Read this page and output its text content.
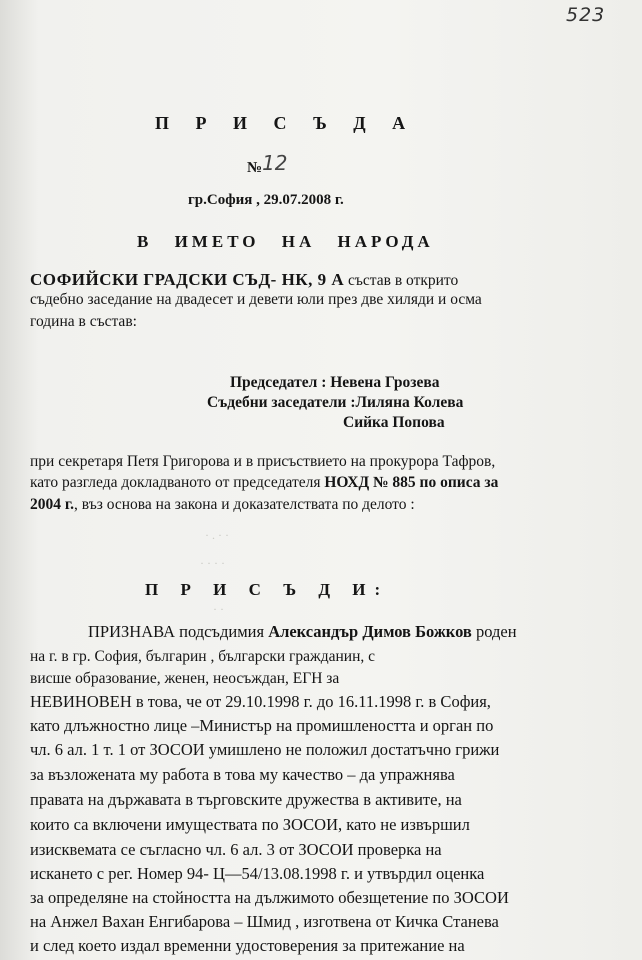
523
П Р И С Ъ Д А
№12
гр.София , 29.07.2008 г.
В ИМЕТО НА НАРОДА
СОФИЙСКИ ГРАДСКИ СЪД- НК, 9 А състав в открито
съдебно заседание на двадесет и девети юли през две хиляди и осма
година в състав:
Председател : Невена Грозева
Съдебни заседатели :Лиляна Колева
Сийка Попова
при секретаря Петя Григорова и в присъствието на прокурора Тафров,
като разгледа докладваното от председателя НОХД № 885 по описа за
2004 г., въз основа на закона и доказателствата по делото :
· . · ·
· · · ·
· ·
П Р И С Ъ Д И:
ПРИЗНАВА подсъдимия Александър Димов Божков роден
на г. в гр. София, българин , български гражданин, с
висше образование, женен, неосъждан, ЕГН за
НЕВИНОВЕН в това, че от 29.10.1998 г. до 16.11.1998 г. в София,
като длъжностно лице –Министър на промишлеността и орган по
чл. 6 ал. 1 т. 1 от ЗОСОИ умишлено не положил достатъчно грижи
за възложената му работа в това му качество – да упражнява
правата на държавата в търговските дружества в активите, на
които са включени имуществата по ЗОСОИ, като не извършил
изисквемата се съгласно чл. 6 ал. 3 от ЗОСОИ проверка на
искането с рег. Номер 94- Ц—54/13.08.1998 г. и утвърдил оценка
за определяне на стойността на дължимото обезщетение по ЗОСОИ
на Анжел Вахан Енгибарова – Шмид , изготвена от Кичка Станева
и след което издал временни удостоверения за притежание на
